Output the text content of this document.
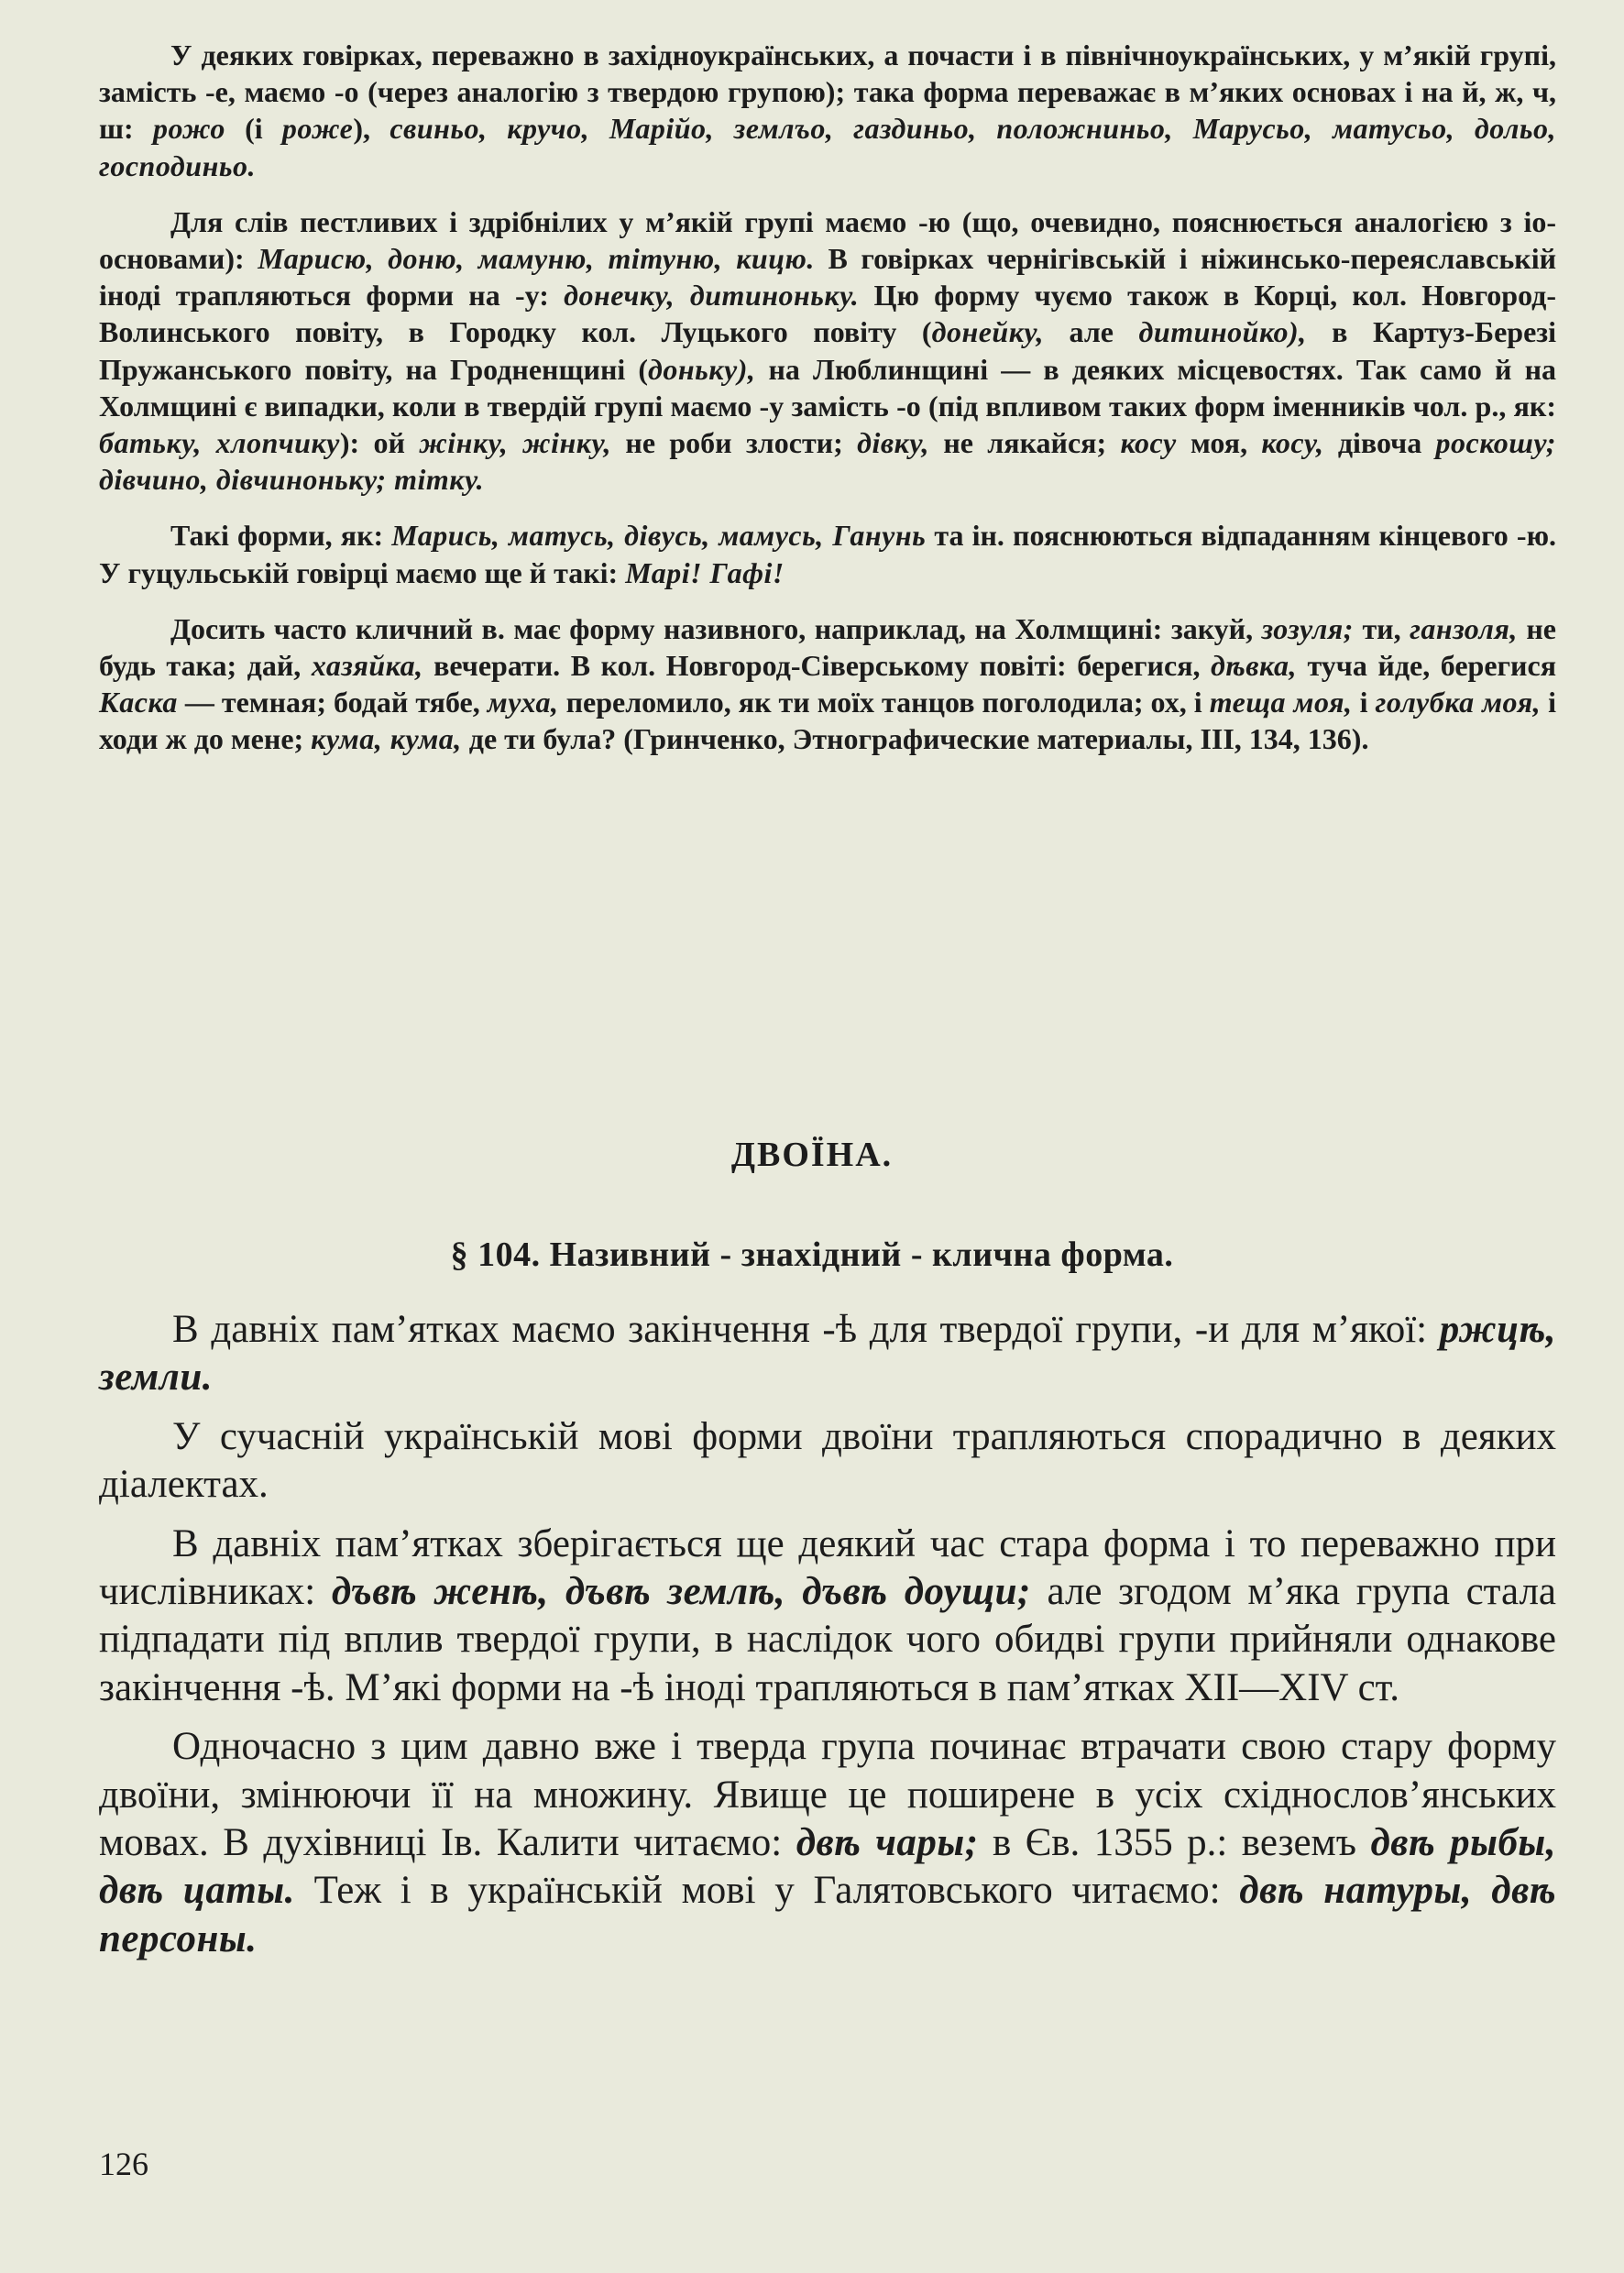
У деяких говірках, переважно в західноукраїнських, а почасти і в північноукраїнських, у м’якій групі, замість -е, маємо -о (через аналогію з твердою групою); така форма переважає в м’яких основах і на й, ж, ч, ш: рожо (і роже), свиньо, кручо, Марійо, землъо, газдиньо, положниньо, Марусьо, матусьо, дольо, господиньо.

Для слів пестливих і здрібнілих у м’якій групі маємо -ю (що, очевидно, пояснюється аналогією з іо-основами): Марисю, доню, мамуню, тітуню, кицю. В говірках чернігівській і ніжинсько-переяславській іноді трапляються форми на -у: донечку, дитиноньку. Цю форму чуємо також в Корці, кол. Новгород-Волинського повіту, в Городку кол. Луцького повіту (донейку, але дитинойко), в Картуз-Березі Пружанського повіту, на Гродненщині (доньку), на Люблинщині — в деяких місцевостях. Так само й на Холмщині є випадки, коли в твердій групі маємо -у замість -о (під впливом таких форм іменників чол. р., як: батьку, хлопчику): ой жінку, жінку, не роби злости; дівку, не лякайся; косу моя, косу, дівоча роскошу; дівчино, дівчиноньку; тітку.

Такі форми, як: Марись, матусь, дівусь, мамусь, Ганунь та ін. пояснюються відпаданням кінцевого -ю. У гуцульській говірці маємо ще й такі: Марі! Гафі!

Досить часто кличний в. має форму називного, наприклад, на Холмщині: закуй, зозуля; ти, ганзоля, не будь така; дай, хазяйка, вечерати. В кол. Новгород-Сіверському повіті: берегися, дѣвка, туча йде, берегися Каска — темная; бодай тябе, муха, переломило, як ти моїх танцов поголодила; ох, і теща моя, і голубка моя, і ходи ж до мене; кума, кума, де ти була? (Гринченко, Этнографические материалы, III, 134, 136).

ДВОЇНА.
§ 104. Називний - знахідний - клична форма.

В давніх пам’ятках маємо закінчення -ѣ для твердої групи, -и для м’якої: ржцѣ, земли.

У сучасній українській мові форми двоїни трапляються спорадично в деяких діалектах.

В давніх пам’ятках зберігається ще деякий час стара форма і то переважно при числівниках: дъвѣ женѣ, дъвѣ землѣ, дъвѣ доущи; але згодом м’яка група стала підпадати під вплив твердої групи, в наслідок чого обидві групи прийняли однакове закінчення -ѣ. М’які форми на -ѣ іноді трапляються в пам’ятках XII—XIV ст.

Одночасно з цим давно вже і тверда група починає втрачати свою стару форму двоїни, змінюючи її на множину. Явище це поширене в усіх східнослов’янських мовах. В духівниці Ів. Калити читаємо: двѣ чары; в Єв. 1355 р.: веземъ двѣ рыбы, двѣ цаты. Теж і в українській мові у Галятовського читаємо: двѣ натуры, двѣ персоны.

126
